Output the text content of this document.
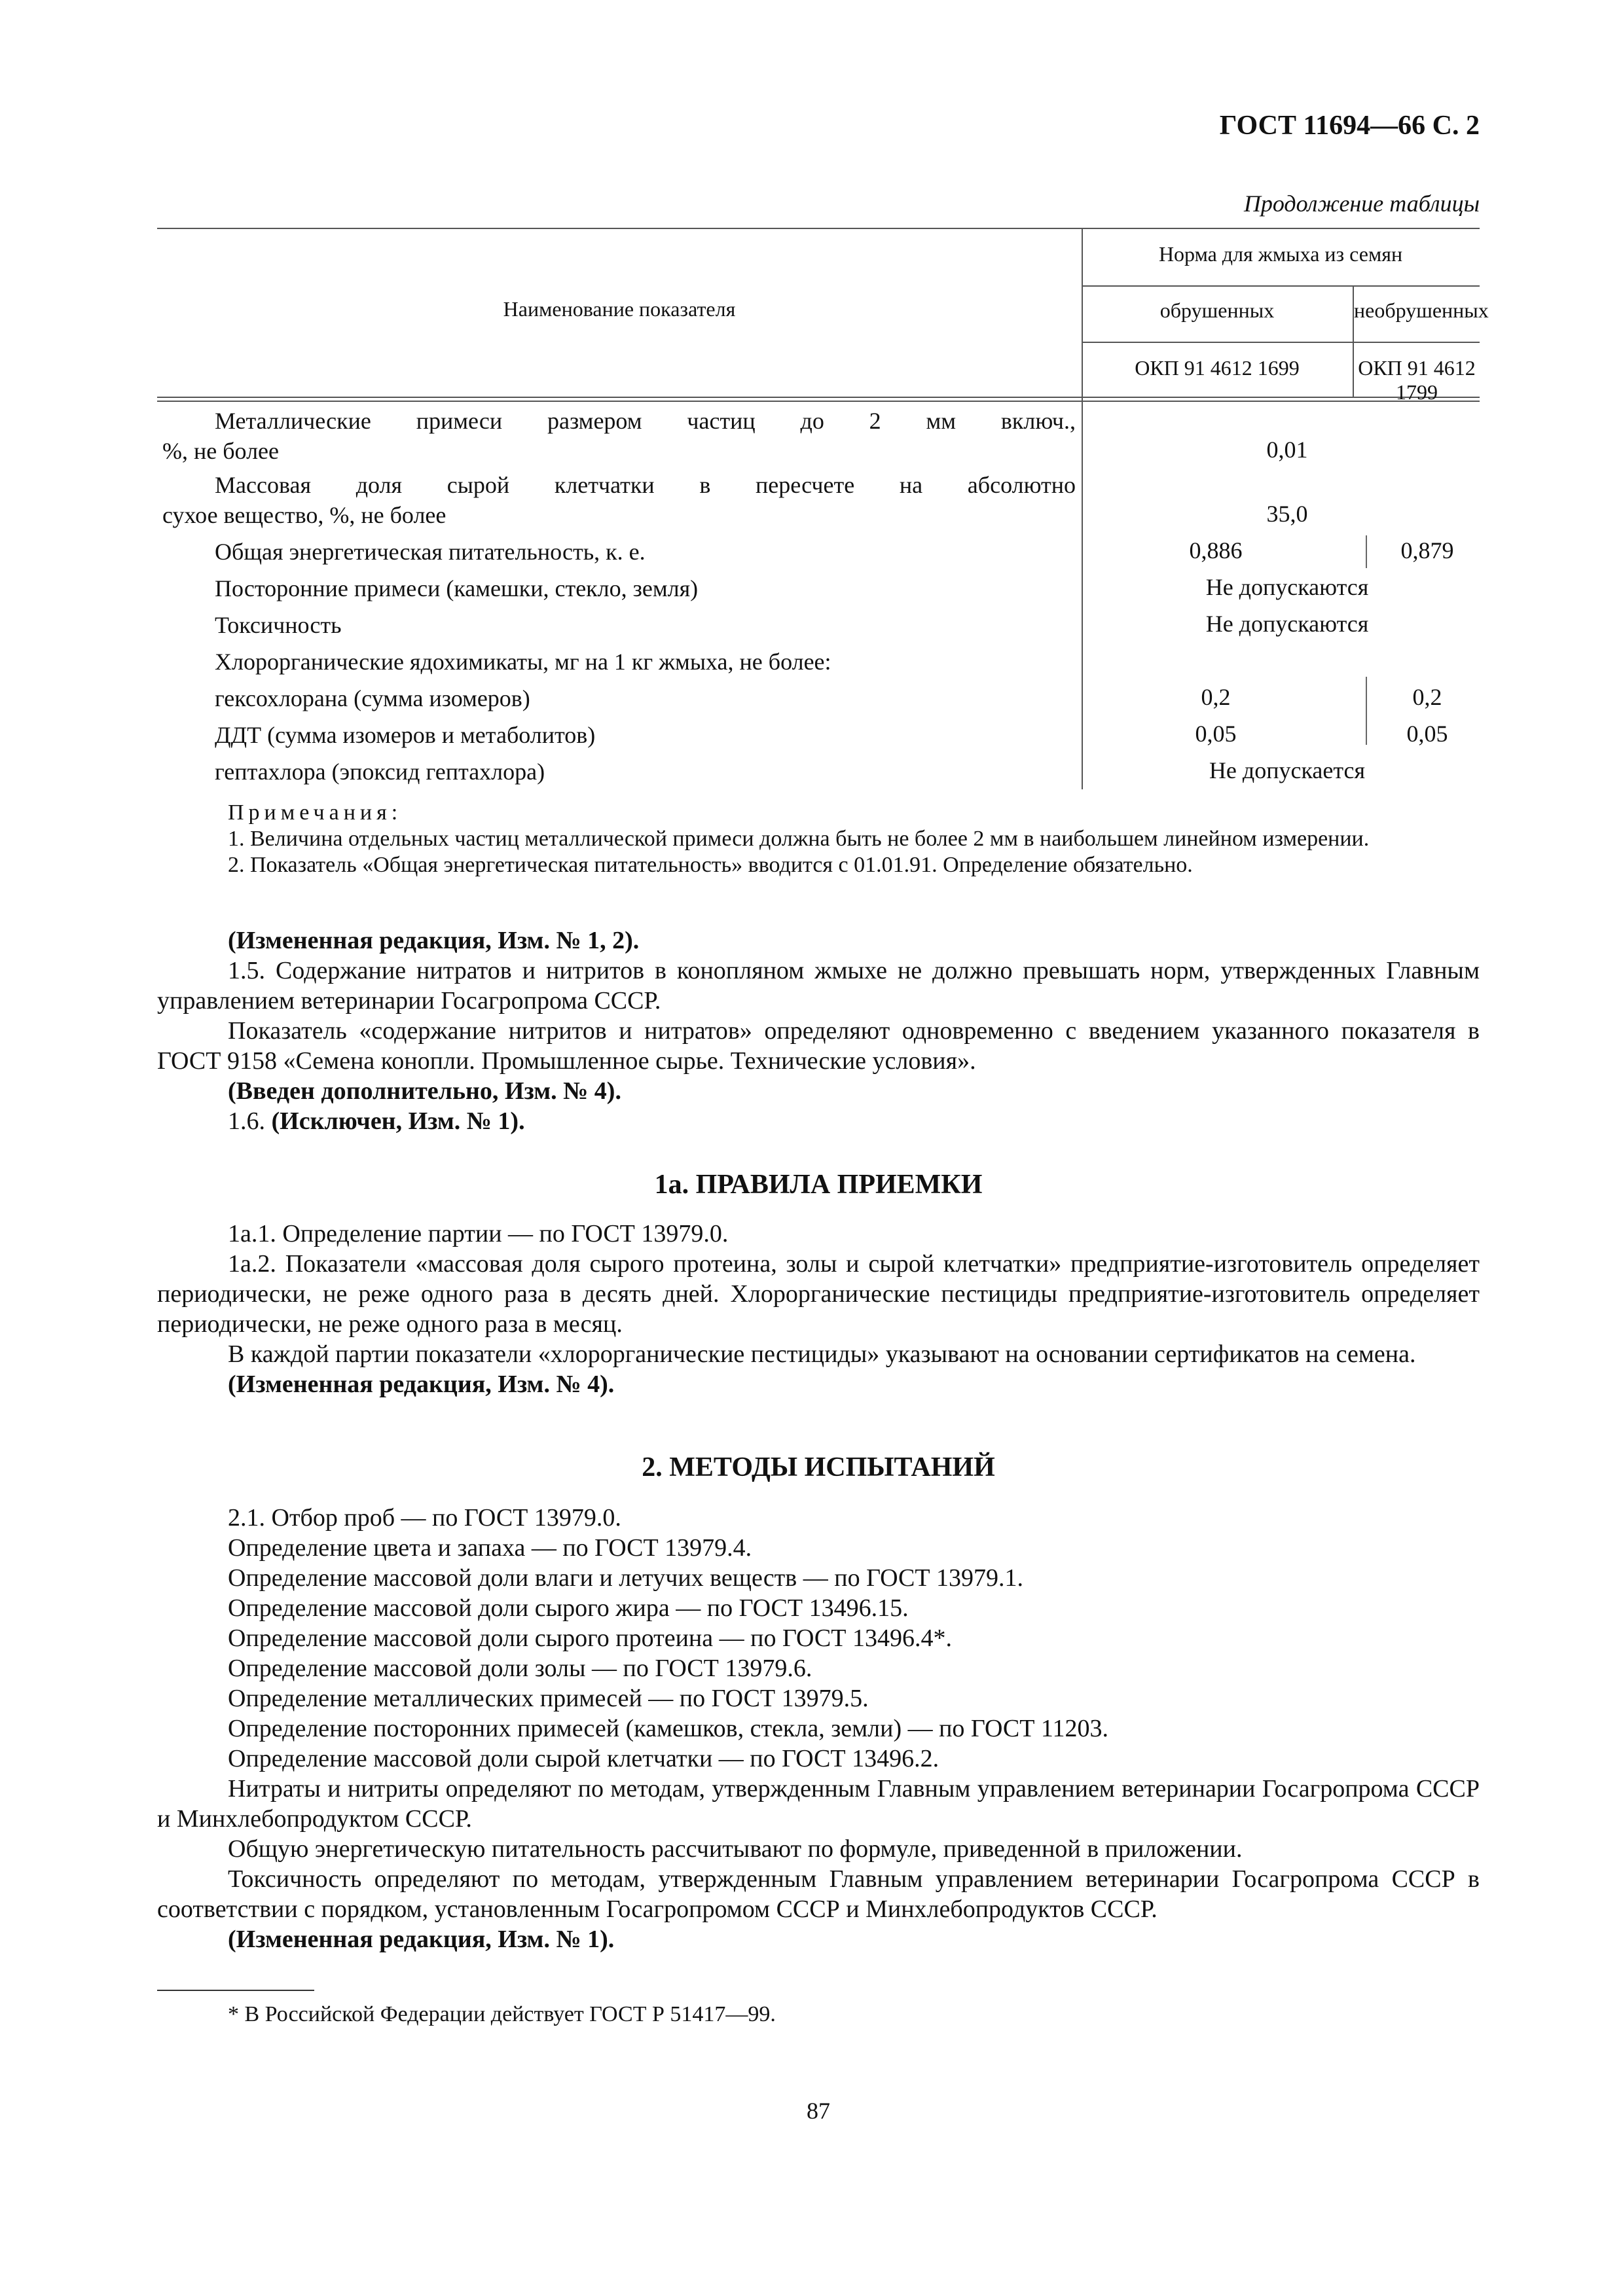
ГОСТ 11694—66 С. 2
Продолжение таблицы
Наименование показателя
Норма для жмыха из семян
обрушенных	необрушенных
ОКП 91 4612 1699	ОКП 91 4612 1799
Металлические примеси размером частиц до 2 мм включ.,
%, не более	0,01
Массовая доля сырой клетчатки в пересчете на абсолютно
сухое вещество, %, не более	35,0
Общая энергетическая питательность, к. е.	0,886	0,879
Посторонние примеси (камешки, стекло, земля)	Не допускаются
Токсичность	Не допускаются
Хлорорганические ядохимикаты, мг на 1 кг жмыха, не более:
гексохлорана (сумма изомеров)	0,2	0,2
ДДТ (сумма изомеров и метаболитов)	0,05	0,05
гептахлора (эпоксид гептахлора)	Не допускается
Примечания:
1. Величина отдельных частиц металлической примеси должна быть не более 2 мм в наибольшем линейном измерении.
2. Показатель «Общая энергетическая питательность» вводится с 01.01.91. Определение обязательно.
(Измененная редакция, Изм. № 1, 2).
1.5. Содержание нитратов и нитритов в конопляном жмыхе не должно превышать норм, утвержденных Главным управлением ветеринарии Госагропрома СССР.
Показатель «содержание нитритов и нитратов» определяют одновременно с введением указанного показателя в ГОСТ 9158 «Семена конопли. Промышленное сырье. Технические условия».
(Введен дополнительно, Изм. № 4).
1.6. (Исключен, Изм. № 1).
1а. ПРАВИЛА ПРИЕМКИ
1а.1. Определение партии — по ГОСТ 13979.0.
1а.2. Показатели «массовая доля сырого протеина, золы и сырой клетчатки» предприятие-изготовитель определяет периодически, не реже одного раза в десять дней. Хлорорганические пестициды предприятие-изготовитель определяет периодически, не реже одного раза в месяц.
В каждой партии показатели «хлорорганические пестициды» указывают на основании сертификатов на семена.
(Измененная редакция, Изм. № 4).
2. МЕТОДЫ ИСПЫТАНИЙ
2.1. Отбор проб — по ГОСТ 13979.0.
Определение цвета и запаха — по ГОСТ 13979.4.
Определение массовой доли влаги и летучих веществ — по ГОСТ 13979.1.
Определение массовой доли сырого жира — по ГОСТ 13496.15.
Определение массовой доли сырого протеина — по ГОСТ 13496.4*.
Определение массовой доли золы — по ГОСТ 13979.6.
Определение металлических примесей — по ГОСТ 13979.5.
Определение посторонних примесей (камешков, стекла, земли) — по ГОСТ 11203.
Определение массовой доли сырой клетчатки — по ГОСТ 13496.2.
Нитраты и нитриты определяют по методам, утвержденным Главным управлением ветеринарии Госагропрома СССР и Минхлебопродуктом СССР.
Общую энергетическую питательность рассчитывают по формуле, приведенной в приложении.
Токсичность определяют по методам, утвержденным Главным управлением ветеринарии Госагропрома СССР в соответствии с порядком, установленным Госагропромом СССР и Минхлебопродуктов СССР.
(Измененная редакция, Изм. № 1).
* В Российской Федерации действует ГОСТ Р 51417—99.
87
